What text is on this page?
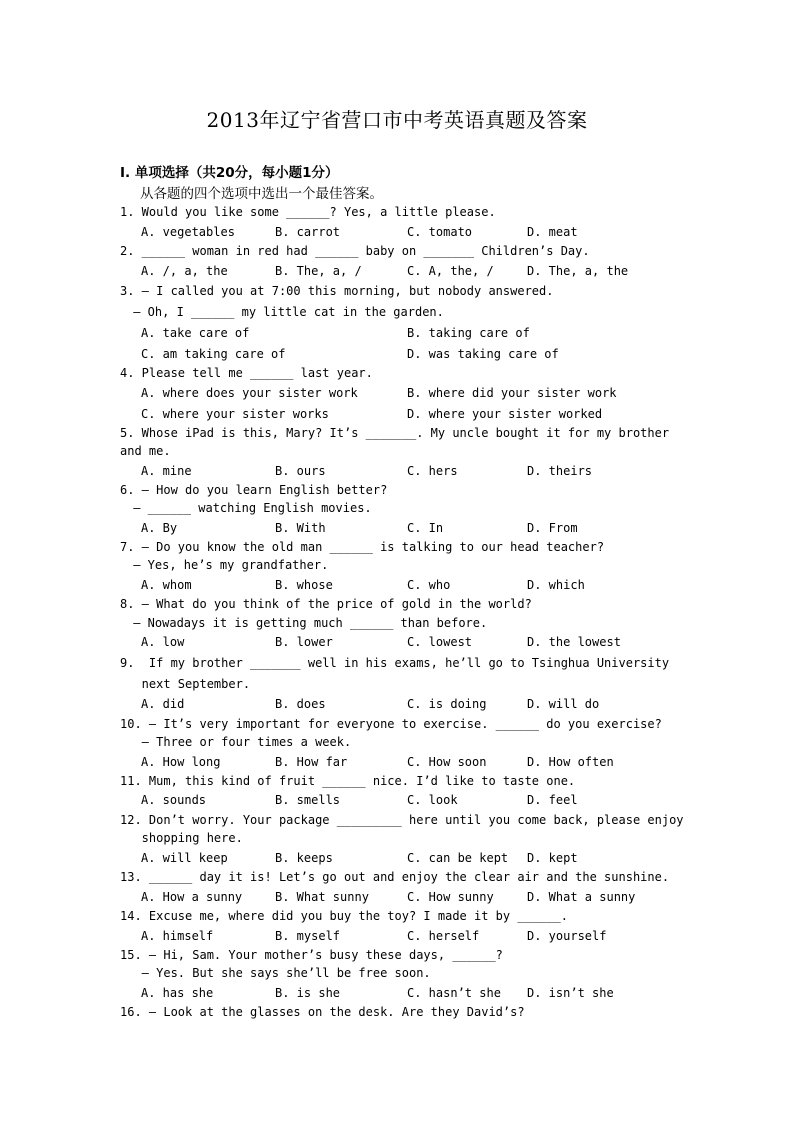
2013年辽宁省营口市中考英语真题及答案
I. 单项选择（共20分，每小题1分）
从各题的四个选项中选出一个最佳答案。
1. Would you like some ______? Yes, a little please.
A. vegetables	B. carrot	C. tomato	D. meat
2. ______ woman in red had ______ baby on _______ Children’s Day.
A. /, a, the	B. The, a, /	C. A, the, /	D. The, a, the
3. – I called you at 7:00 this morning, but nobody answered.
– Oh, I ______ my little cat in the garden.
A. take care of	B. taking care of
C. am taking care of	D. was taking care of
4. Please tell me ______ last year.
A. where does your sister work	B. where did your sister work
C. where your sister works	D. where your sister worked
5. Whose iPad is this, Mary? It’s _______. My uncle bought it for my brother
and me.
A. mine	B. ours	C. hers	D. theirs
6. – How do you learn English better?
– ______ watching English movies.
A. By	B. With	C. In	D. From
7. – Do you know the old man ______ is talking to our head teacher?
– Yes, he’s my grandfather.
A. whom	B. whose	C. who	D. which
8. – What do you think of the price of gold in the world?
– Nowadays it is getting much ______ than before.
A. low	B. lower	C. lowest	D. the lowest
9.  If my brother _______ well in his exams, he’ll go to Tsinghua University
next September.
A. did	B. does	C. is doing	D. will do
10. – It’s very important for everyone to exercise. ______ do you exercise?
– Three or four times a week.
A. How long	B. How far	C. How soon	D. How often
11. Mum, this kind of fruit ______ nice. I’d like to taste one.
A. sounds	B. smells	C. look	D. feel
12. Don’t worry. Your package _________ here until you come back, please enjoy
shopping here.
A. will keep	B. keeps	C. can be kept D. kept
13. ______ day it is! Let’s go out and enjoy the clear air and the sunshine.
A. How a sunny	B. What sunny	C. How sunny	D. What a sunny
14. Excuse me, where did you buy the toy? I made it by ______.
A. himself	B. myself	C. herself	D. yourself
15. – Hi, Sam. Your mother’s busy these days, ______?
– Yes. But she says she’ll be free soon.
A. has she	B. is she	C. hasn’t she D. isn’t she
16. – Look at the glasses on the desk. Are they David’s?
